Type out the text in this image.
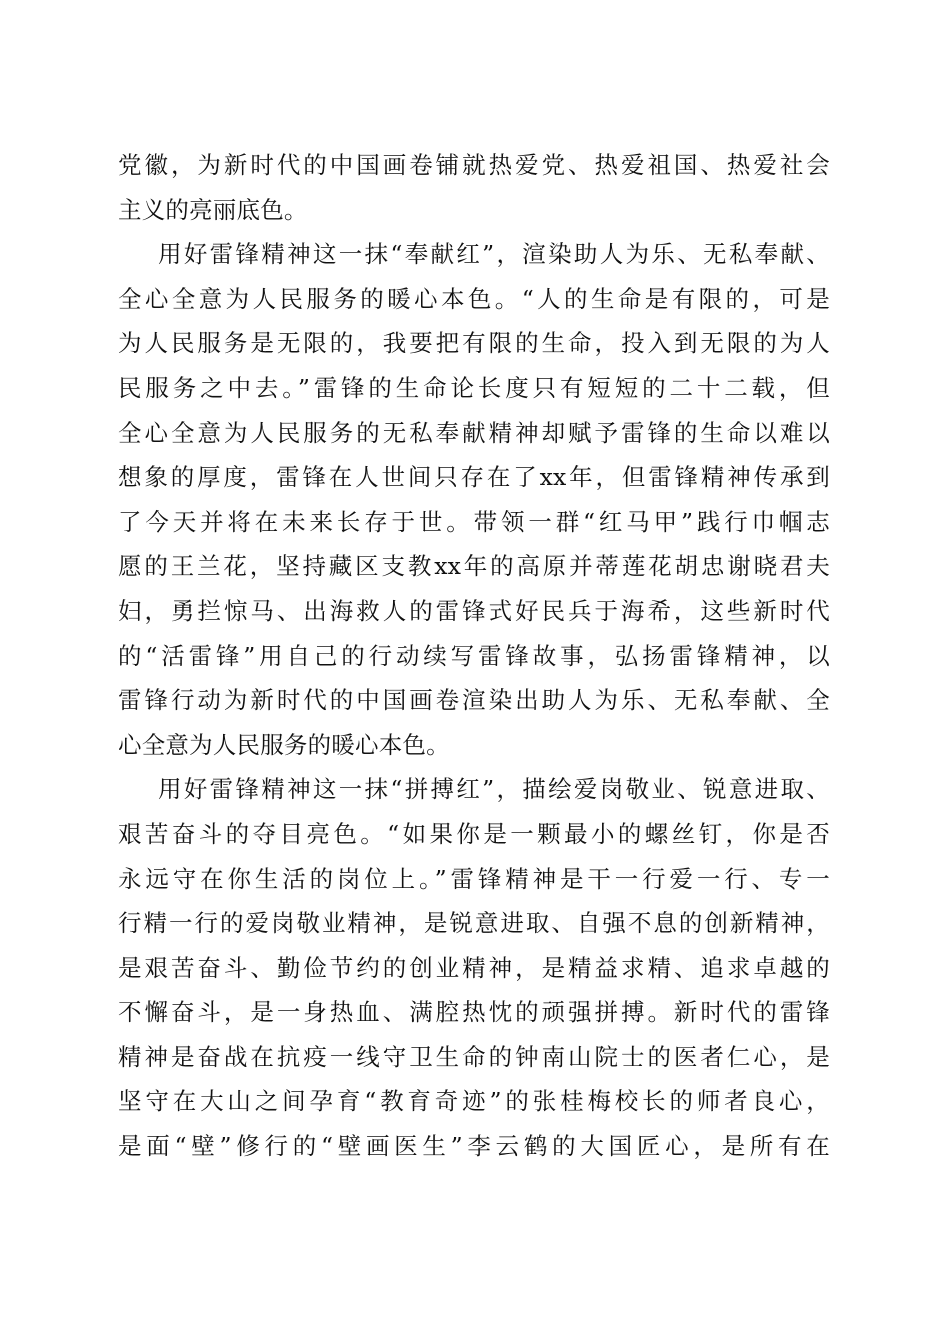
党徽，为新时代的中国画卷铺就热爱党、热爱祖国、热爱社会
主义的亮丽底色。
用好雷锋精神这一抹“奉献红”，渲染助人为乐、无私奉献、
全心全意为人民服务的暖心本色。“人的生命是有限的，可是
为人民服务是无限的，我要把有限的生命，投入到无限的为人
民服务之中去。”雷锋的生命论长度只有短短的二十二载，但
全心全意为人民服务的无私奉献精神却赋予雷锋的生命以难以
想象的厚度，雷锋在人世间只存在了xx年，但雷锋精神传承到
了今天并将在未来长存于世。带领一群“红马甲”践行巾帼志
愿的王兰花，坚持藏区支教xx年的高原并蒂莲花胡忠谢晓君夫
妇，勇拦惊马、出海救人的雷锋式好民兵于海希，这些新时代
的“活雷锋”用自己的行动续写雷锋故事，弘扬雷锋精神，以
雷锋行动为新时代的中国画卷渲染出助人为乐、无私奉献、全
心全意为人民服务的暖心本色。
用好雷锋精神这一抹“拼搏红”，描绘爱岗敬业、锐意进取、
艰苦奋斗的夺目亮色。“如果你是一颗最小的螺丝钉，你是否
永远守在你生活的岗位上。”雷锋精神是干一行爱一行、专一
行精一行的爱岗敬业精神，是锐意进取、自强不息的创新精神，
是艰苦奋斗、勤俭节约的创业精神，是精益求精、追求卓越的
不懈奋斗，是一身热血、满腔热忱的顽强拼搏。新时代的雷锋
精神是奋战在抗疫一线守卫生命的钟南山院士的医者仁心，是
坚守在大山之间孕育“教育奇迹”的张桂梅校长的师者良心，
是面“壁”修行的“壁画医生”李云鹤的大国匠心，是所有在
